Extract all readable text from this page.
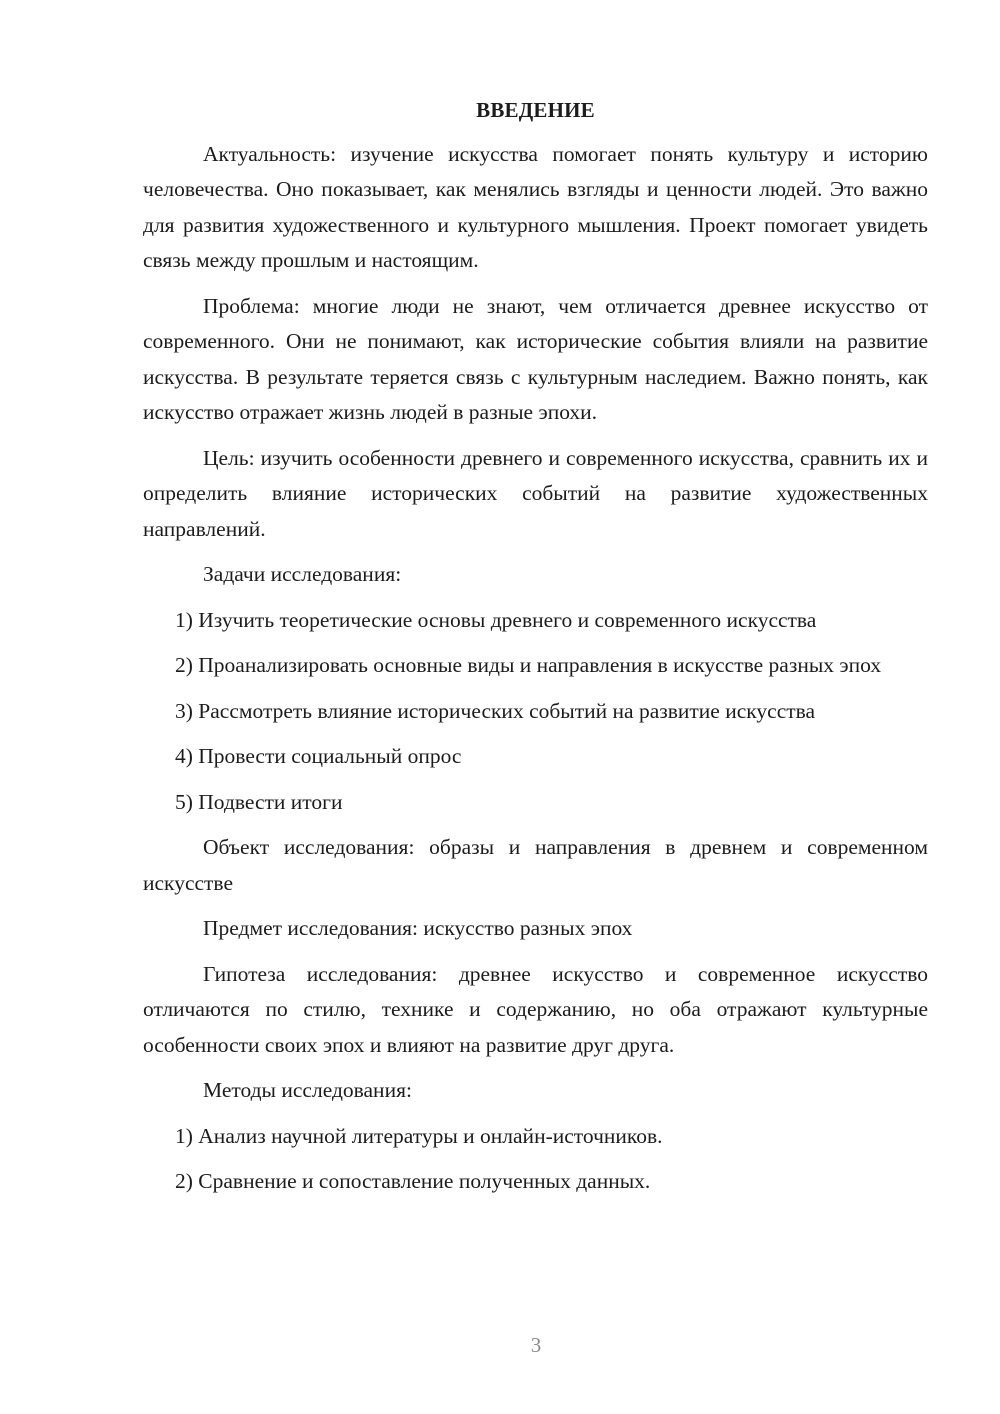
ВВЕДЕНИЕ
Актуальность: изучение искусства помогает понять культуру и историю человечества. Оно показывает, как менялись взгляды и ценности людей. Это важно для развития художественного и культурного мышления. Проект помогает увидеть связь между прошлым и настоящим.
Проблема: многие люди не знают, чем отличается древнее искусство от современного. Они не понимают, как исторические события влияли на развитие искусства. В результате теряется связь с культурным наследием. Важно понять, как искусство отражает жизнь людей в разные эпохи.
Цель: изучить особенности древнего и современного искусства, сравнить их и определить влияние исторических событий на развитие художественных направлений.
Задачи исследования:
1) Изучить теоретические основы древнего и современного искусства
2) Проанализировать основные виды и направления в искусстве разных эпох
3) Рассмотреть влияние исторических событий на развитие искусства
4) Провести социальный опрос
5) Подвести итоги
Объект исследования: образы и направления в древнем и современном искусстве
Предмет исследования: искусство разных эпох
Гипотеза исследования: древнее искусство и современное искусство отличаются по стилю, технике и содержанию, но оба отражают культурные особенности своих эпох и влияют на развитие друг друга.
Методы исследования:
1) Анализ научной литературы и онлайн-источников.
2) Сравнение и сопоставление полученных данных.
3
